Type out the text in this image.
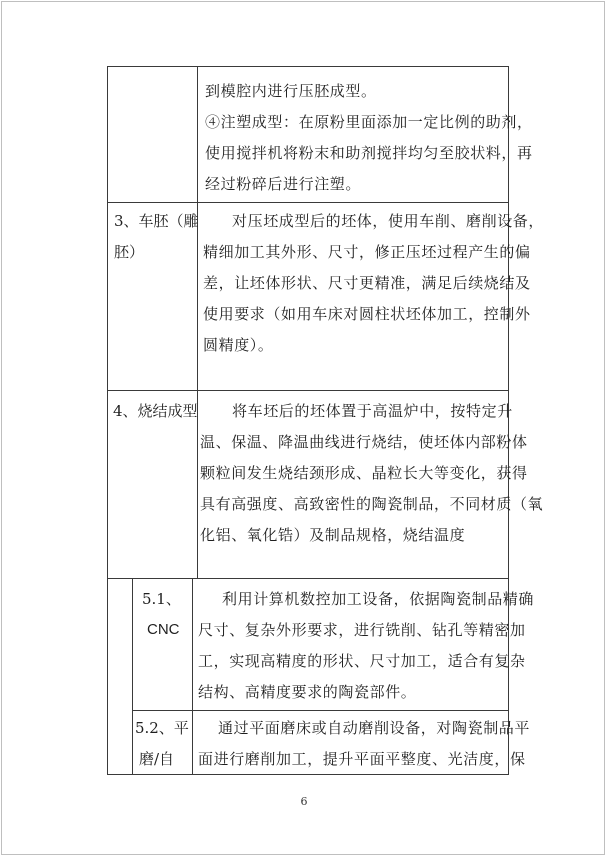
到模腔内进行压胚成型。
④注塑成型：在原粉里面添加一定比例的助剂，
使用搅拌机将粉末和助剂搅拌均匀至胶状料，再
经过粉碎后进行注塑。
3、车胚（雕
胚）
对压坯成型后的坯体，使用车削、磨削设备，
精细加工其外形、尺寸，修正压坯过程产生的偏
差，让坯体形状、尺寸更精准，满足后续烧结及
使用要求（如用车床对圆柱状坯体加工，控制外
圆精度）。
4、烧结成型 将车坯后的坯体置于高温炉中，按特定升
温、保温、降温曲线进行烧结，使坯体内部粉体
颗粒间发生烧结颈形成、晶粒长大等变化，获得
具有高强度、高致密性的陶瓷制品，不同材质（氧
化铝、氧化锆）及制品规格，烧结温度
5.1、
CNC
利用计算机数控加工设备，依据陶瓷制品精确
尺寸、复杂外形要求，进行铣削、钻孔等精密加
工，实现高精度的形状、尺寸加工，适合有复杂
结构、高精度要求的陶瓷部件。
5.2、平
磨/自
通过平面磨床或自动磨削设备，对陶瓷制品平
面进行磨削加工，提升平面平整度、光洁度，保
6
